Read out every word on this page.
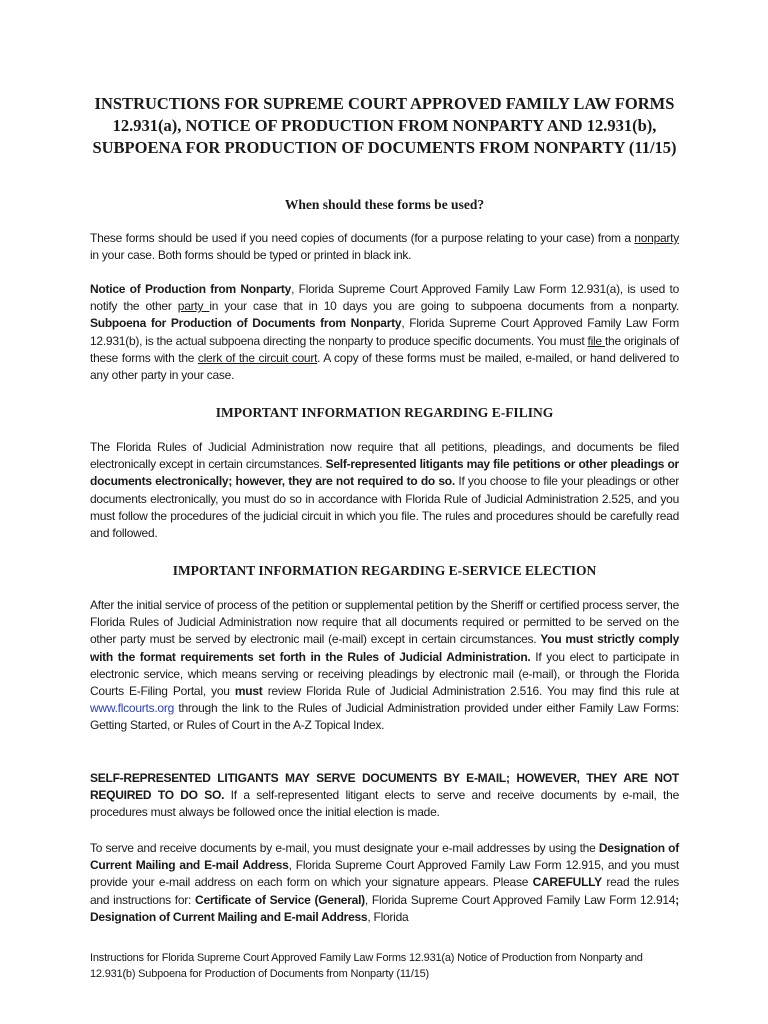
INSTRUCTIONS FOR SUPREME COURT APPROVED FAMILY LAW FORMS 12.931(a), NOTICE OF PRODUCTION FROM NONPARTY AND 12.931(b), SUBPOENA FOR PRODUCTION OF DOCUMENTS FROM NONPARTY (11/15)
When should these forms be used?
These forms should be used if you need copies of documents (for a purpose relating to your case) from a nonparty in your case. Both forms should be typed or printed in black ink.
Notice of Production from Nonparty, Florida Supreme Court Approved Family Law Form 12.931(a), is used to notify the other party in your case that in 10 days you are going to subpoena documents from a nonparty. Subpoena for Production of Documents from Nonparty, Florida Supreme Court Approved Family Law Form 12.931(b), is the actual subpoena directing the nonparty to produce specific documents. You must file the originals of these forms with the clerk of the circuit court. A copy of these forms must be mailed, e-mailed, or hand delivered to any other party in your case.
IMPORTANT INFORMATION REGARDING E-FILING
The Florida Rules of Judicial Administration now require that all petitions, pleadings, and documents be filed electronically except in certain circumstances. Self-represented litigants may file petitions or other pleadings or documents electronically; however, they are not required to do so. If you choose to file your pleadings or other documents electronically, you must do so in accordance with Florida Rule of Judicial Administration 2.525, and you must follow the procedures of the judicial circuit in which you file. The rules and procedures should be carefully read and followed.
IMPORTANT INFORMATION REGARDING E-SERVICE ELECTION
After the initial service of process of the petition or supplemental petition by the Sheriff or certified process server, the Florida Rules of Judicial Administration now require that all documents required or permitted to be served on the other party must be served by electronic mail (e-mail) except in certain circumstances. You must strictly comply with the format requirements set forth in the Rules of Judicial Administration. If you elect to participate in electronic service, which means serving or receiving pleadings by electronic mail (e-mail), or through the Florida Courts E-Filing Portal, you must review Florida Rule of Judicial Administration 2.516. You may find this rule at www.flcourts.org through the link to the Rules of Judicial Administration provided under either Family Law Forms: Getting Started, or Rules of Court in the A-Z Topical Index.
SELF-REPRESENTED LITIGANTS MAY SERVE DOCUMENTS BY E-MAIL; HOWEVER, THEY ARE NOT REQUIRED TO DO SO. If a self-represented litigant elects to serve and receive documents by e-mail, the procedures must always be followed once the initial election is made.
To serve and receive documents by e-mail, you must designate your e-mail addresses by using the Designation of Current Mailing and E-mail Address, Florida Supreme Court Approved Family Law Form 12.915, and you must provide your e-mail address on each form on which your signature appears. Please CAREFULLY read the rules and instructions for: Certificate of Service (General), Florida Supreme Court Approved Family Law Form 12.914; Designation of Current Mailing and E-mail Address, Florida
Instructions for Florida Supreme Court Approved Family Law Forms 12.931(a) Notice of Production from Nonparty and 12.931(b) Subpoena for Production of Documents from Nonparty (11/15)
